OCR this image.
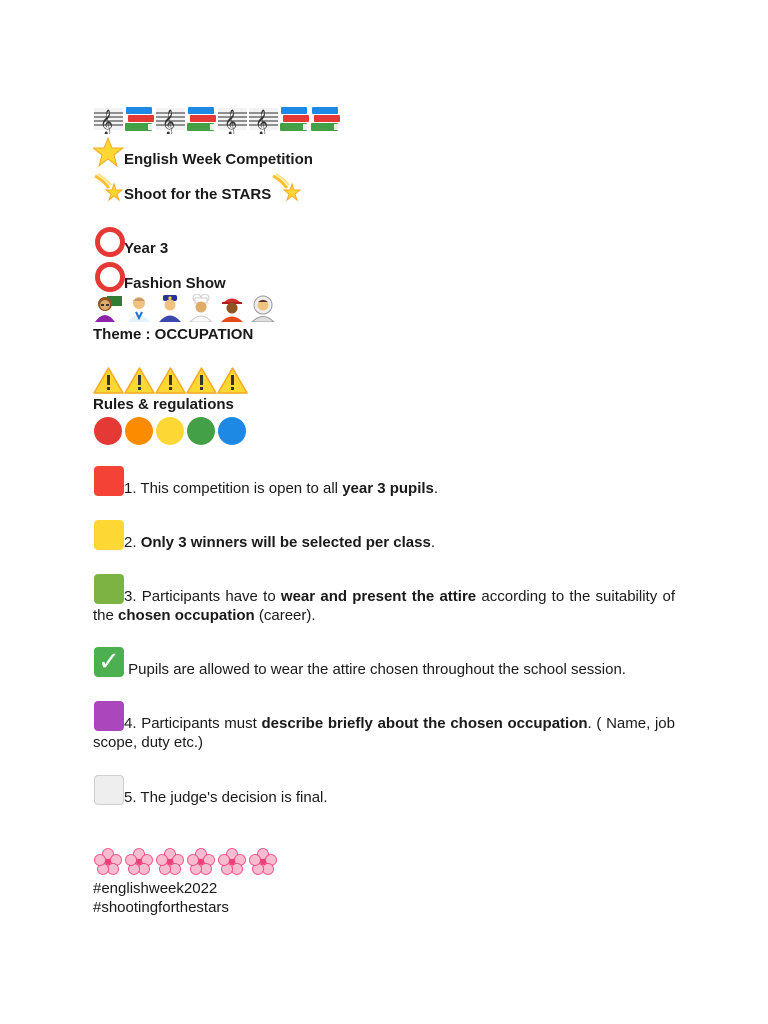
𝄞 𝄞 𝄞 𝄞
English Week Competition
Shoot for the STARS
Year 3
Fashion Show
Theme : OCCUPATION
Rules & regulations
1. This competition is open to all year 3 pupils.
2. Only 3 winners will be selected per class.
3. Participants have to wear and present the attire according to the suitability of the chosen occupation (career).
✓ Pupils are allowed to wear the attire chosen throughout the school session.
4. Participants must describe briefly about the chosen occupation. ( Name, job scope, duty etc.)
5. The judge's decision is final.
#englishweek2022
#shootingforthestars
